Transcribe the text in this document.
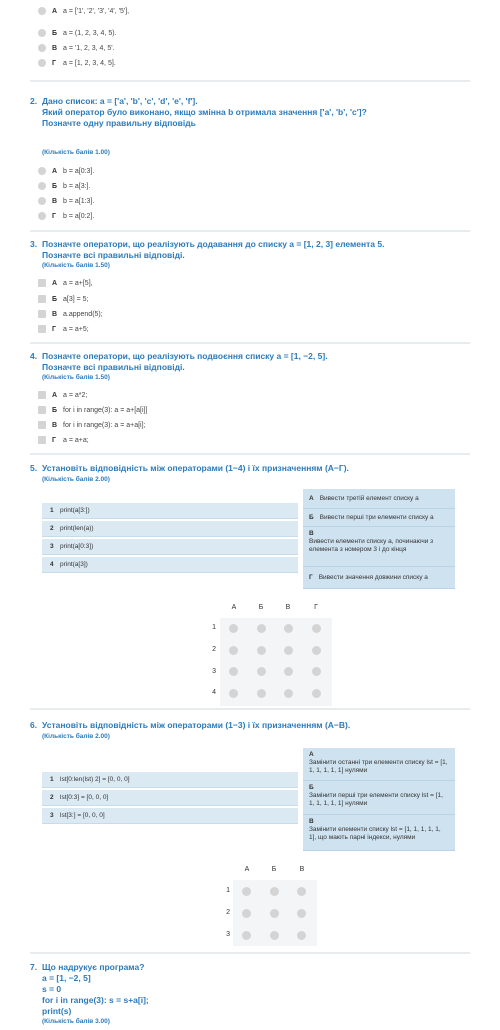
А a = ['1', '2', '3', '4', '5'],
Б a = (1, 2, 3, 4, 5).
В a = '1, 2, 3, 4, 5'.
Г	a = [1, 2, 3, 4, 5].
2. Дано список: a = ['a', 'b', 'c', 'd', 'e', 'f'].
Який оператор було виконано, якщо змінна b отримала значення ['a', 'b', 'c']?
Позначте одну правильну відповідь
(Кількість балів 1.00)
А b = a[0:3].
Б b = a[3:].
В b = a[1:3].
Г	b = a[0:2].
3. Позначте оператори, що реалізують додавання до списку a = [1, 2, 3] елемента 5.
Позначте всі правильні відповіді.
(Кількість балів 1.50)
А a = a+[5],
Б a[3] = 5;
В a.append(5);
Г	a = a+5;
4. Позначте оператори, що реалізують подвоєння списку a = [1, −2, 5].
Позначте всі правильні відповіді.
(Кількість балів 1.50)
А a = a*2;
Б for i in range(3): a = a+[a[i]]
В for i in range(3): a = a+a[i];
Г	a = a+a;
5. Установіть відповідність між операторами (1−4) і їх призначенням (А−Г).
(Кількість балів 2.00)
1 print(a[3:])
2 print(len(a))
3 print(a[0:3])
4 print(a[3])
А Вивести третій елемент списку a
Б Вивести перші три елементи списку a
В
Вивести елементи списку a, починаючи з елемента з номером 3 і до кінця
Г Вивести значення довжини списку a
А	Б	В	Г
1
2
3
4
6. Установіть відповідність між операторами (1−3) і їх призначенням (А−В).
(Кількість балів 2.00)
1 lst[0:len(lst) 2] = [0, 0, 0]
2 lst[0:3] = [0, 0, 0]
3 lst[3:] = [0, 0, 0]
А
Замінити останні три елементи списку lst = [1, 1, 1, 1, 1, 1] нулями
Б
Замінити перші три елементи списку lst = [1, 1, 1, 1, 1, 1] нулями
В
Замінити елементи списку lst = [1, 1, 1, 1, 1, 1], що мають парні індекси, нулями
А	Б	В
1
2
3
7. Що надрукує програма?
a = [1, −2, 5]
s = 0
for i in range(3): s = s+a[i];
print(s)
(Кількість балів 3.00)
